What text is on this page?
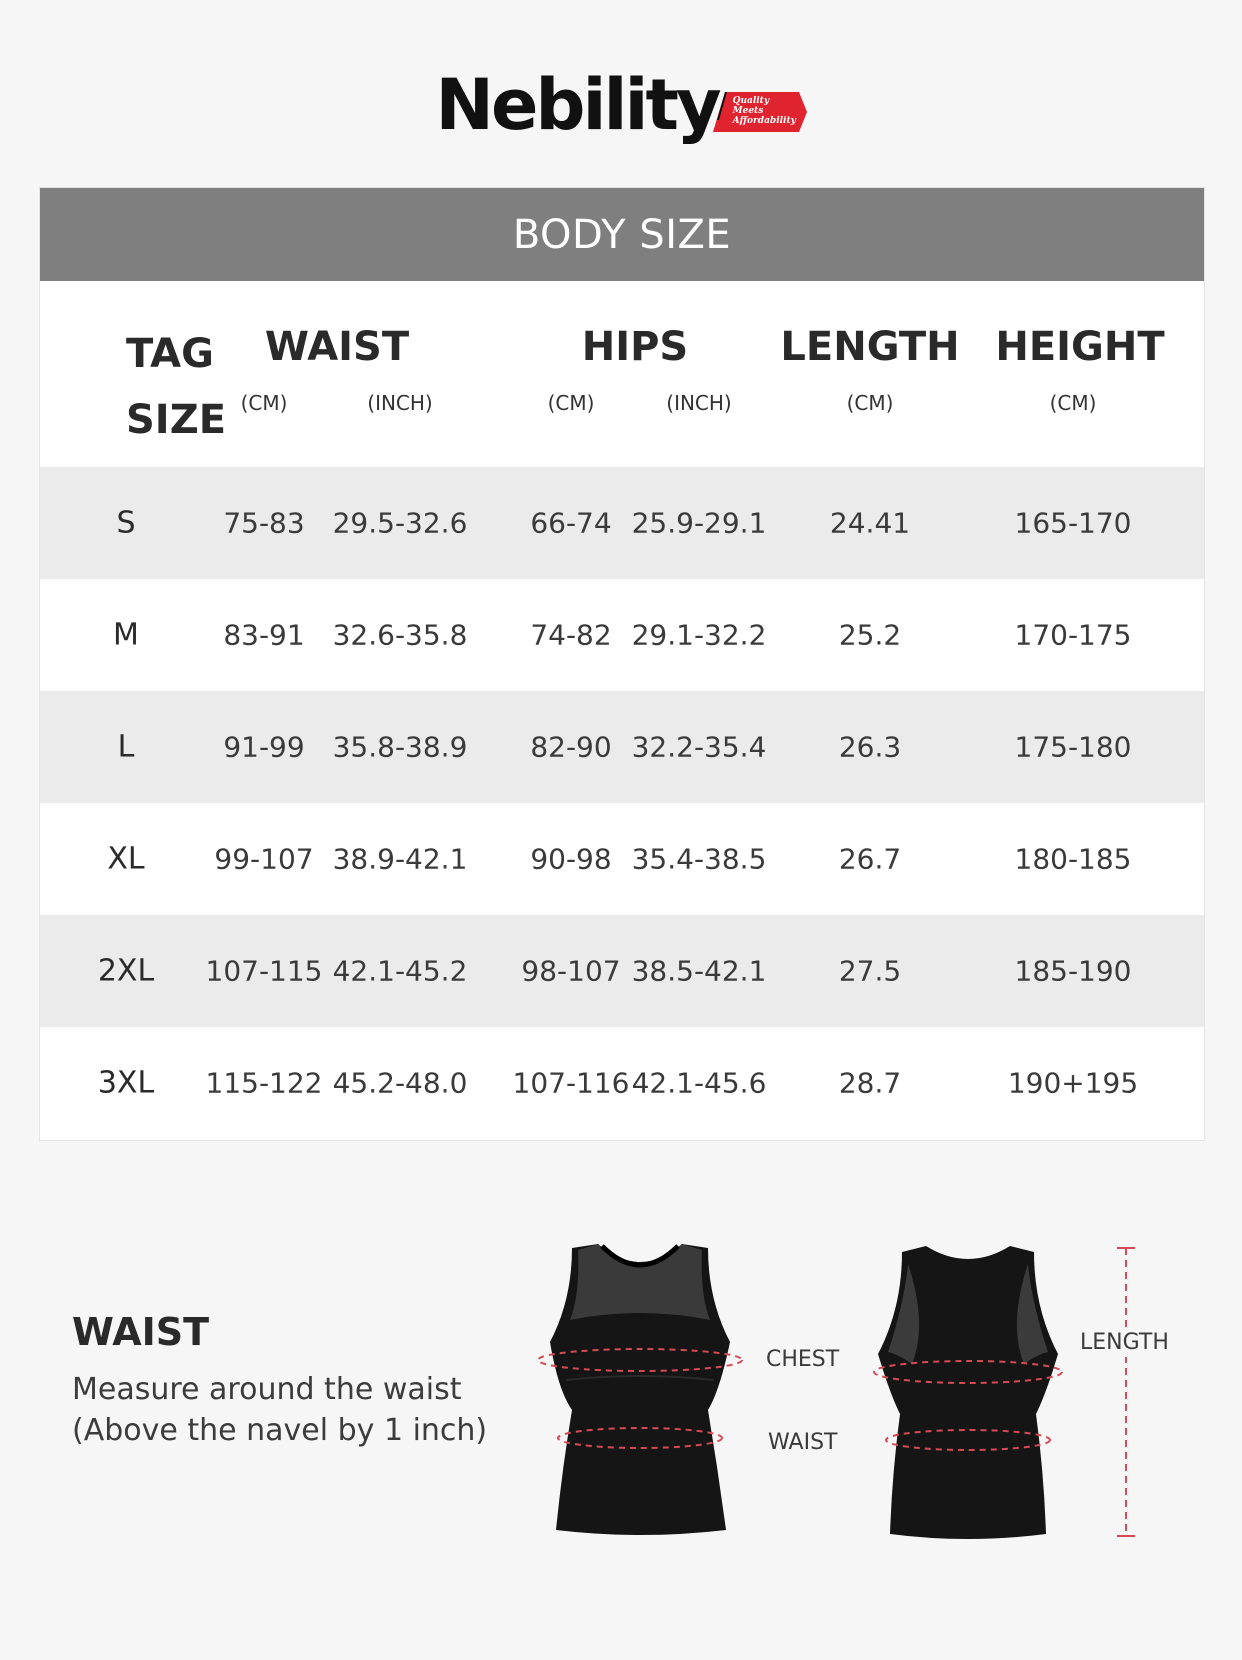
Nebility Quality
Meets
Affordability
BODY SIZE
TAG
SIZE
WAIST
(CM)	(INCH)
HIPS
(CM)	(INCH)
LENGTH
(CM)
HEIGHT
(CM)
S	75-83 29.5-32.6 66-74 25.9-29.1 24.41	165-170
M	83-91 32.6-35.8 74-82 29.1-32.2	25.2	170-175
L	91-99 35.8-38.9 82-90 32.2-35.4	26.3	175-180
XL 99-107 38.9-42.1 90-98 35.4-38.5	26.7	180-185
2XL 107-115 42.1-45.2 98-107 38.5-42.1	27.5	185-190
3XL 115-122 45.2-48.0 107-116 42.1-45.6	28.7	190+195
WAIST
Measure around the waist
(Above the navel by 1 inch)
CHEST
WAIST
LENGTH
